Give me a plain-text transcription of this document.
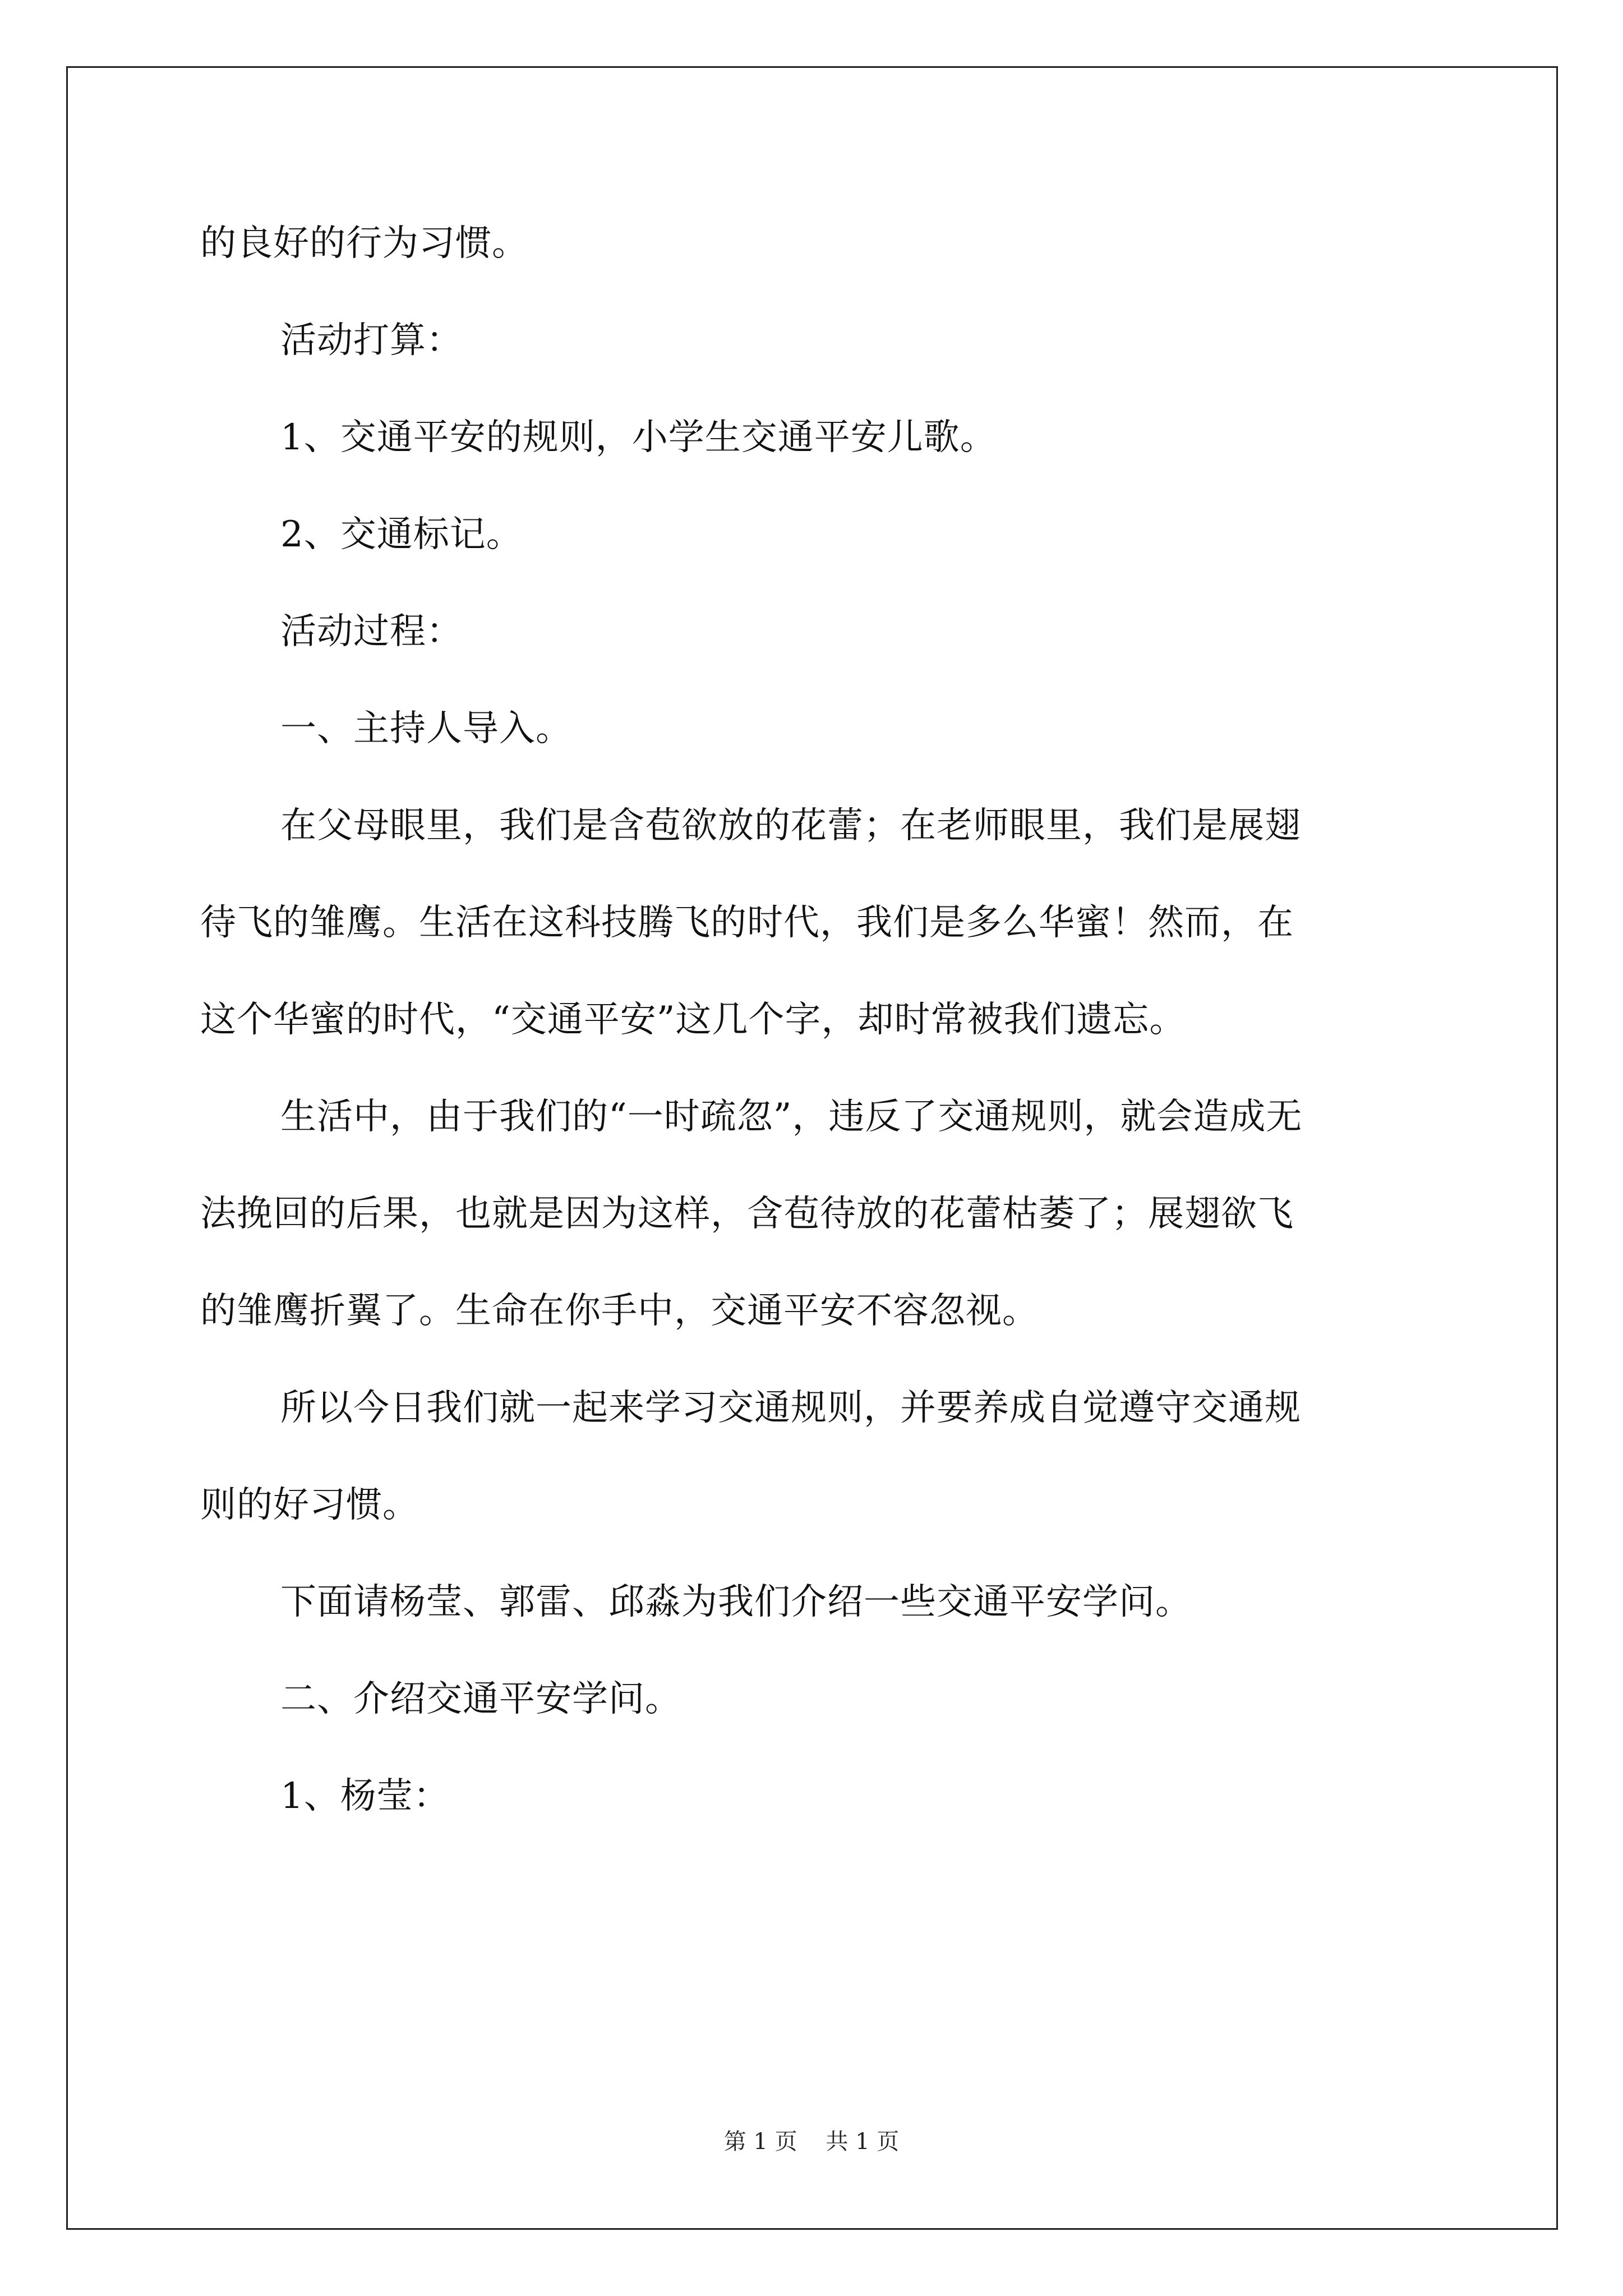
的良好的行为习惯。
活动打算：
1、交通平安的规则，小学生交通平安儿歌。
2、交通标记。
活动过程：
一、主持人导入。
在父母眼里，我们是含苞欲放的花蕾；在老师眼里，我们是展翅
待飞的雏鹰。生活在这科技腾飞的时代，我们是多么华蜜！然而，在
这个华蜜的时代，“交通平安”这几个字，却时常被我们遗忘。
生活中，由于我们的“一时疏忽”，违反了交通规则，就会造成无
法挽回的后果，也就是因为这样，含苞待放的花蕾枯萎了；展翅欲飞
的雏鹰折翼了。生命在你手中，交通平安不容忽视。
所以今日我们就一起来学习交通规则，并要养成自觉遵守交通规
则的好习惯。
下面请杨莹、郭雷、邱淼为我们介绍一些交通平安学问。
二、介绍交通平安学问。
1、杨莹：
第 1 页    共 1 页
